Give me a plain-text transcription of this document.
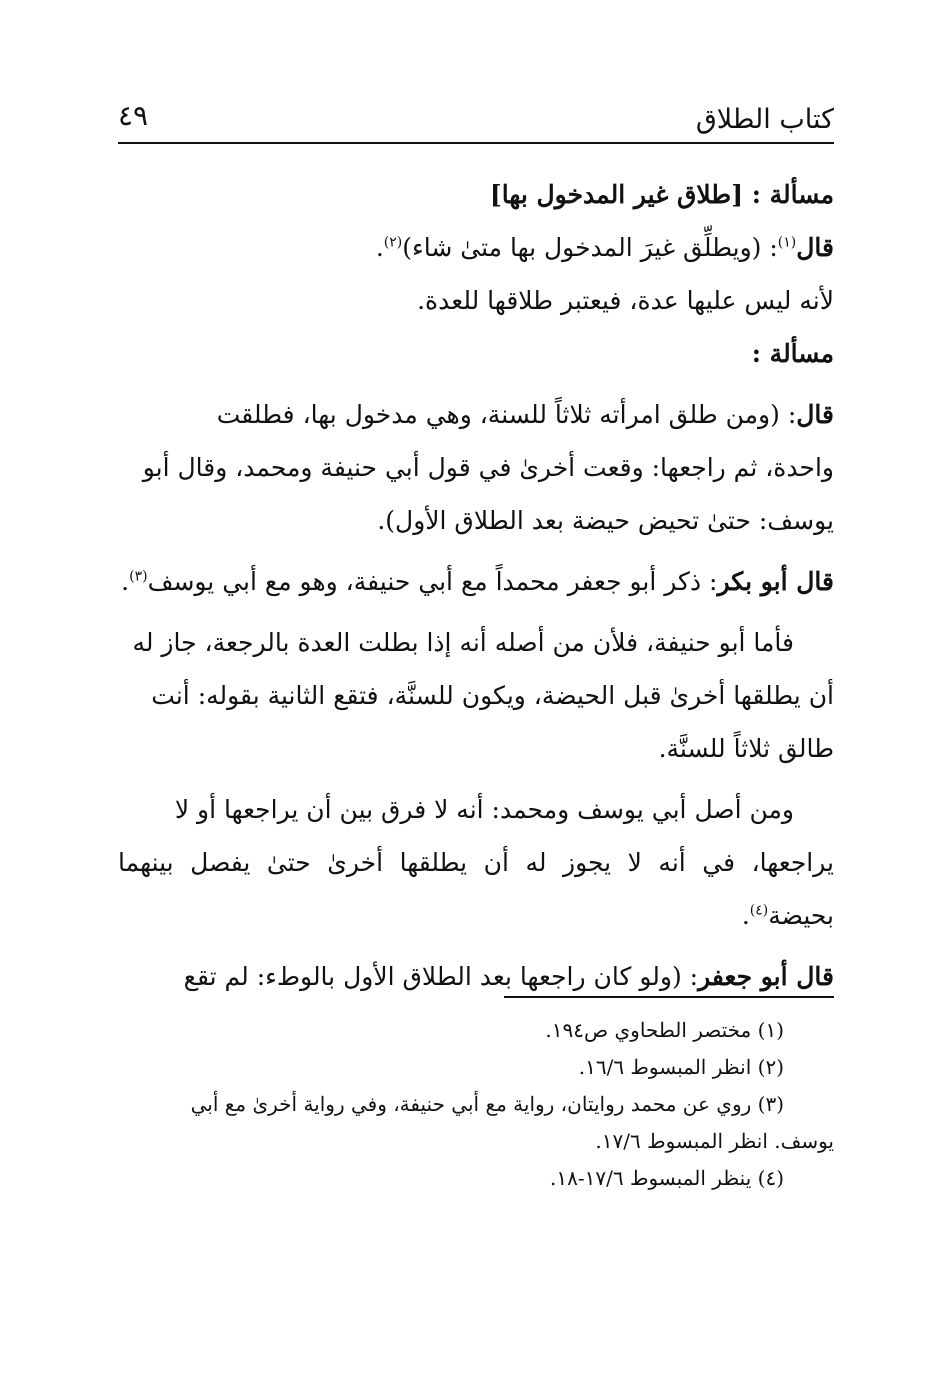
كتاب الطلاق
٤٩

مسألة : [طلاق غير المدخول بها]

قال$^{(١)}$: (ويطلِّق غيرَ المدخول بها متىٰ شاء)$^{(٢)}$.

لأنه ليس عليها عدة، فيعتبر طلاقها للعدة.

مسألة :

قال: (ومن طلق امرأته ثلاثاً للسنة، وهي مدخول بها، فطلقت
واحدة، ثم راجعها: وقعت أخرىٰ في قول أبي حنيفة ومحمد، وقال أبو
يوسف: حتىٰ تحيض حيضة بعد الطلاق الأول).

قال أبو بكر: ذكر أبو جعفر محمداً مع أبي حنيفة، وهو مع أبي يوسف$^{(٣)}$.

فأما أبو حنيفة، فلأن من أصله أنه إذا بطلت العدة بالرجعة، جاز له
أن يطلقها أخرىٰ قبل الحيضة، ويكون للسنَّة، فتقع الثانية بقوله: أنت
طالق ثلاثاً للسنَّة.

ومن أصل أبي يوسف ومحمد: أنه لا فرق بين أن يراجعها أو لا
يراجعها، في أنه لا يجوز له أن يطلقها أخرىٰ حتىٰ يفصل بينهما بحيضة$^{(٤)}$.

قال أبو جعفر: (ولو كان راجعها بعد الطلاق الأول بالوطء: لم تقع

(١) مختصر الطحاوي ص١٩٤.

(٢) انظر المبسوط ١٦/٦.

(٣) روي عن محمد روايتان، رواية مع أبي حنيفة، وفي رواية أخرىٰ مع أبي
يوسف. انظر المبسوط ١٧/٦.

(٤) ينظر المبسوط ١٧/٦-١٨.
